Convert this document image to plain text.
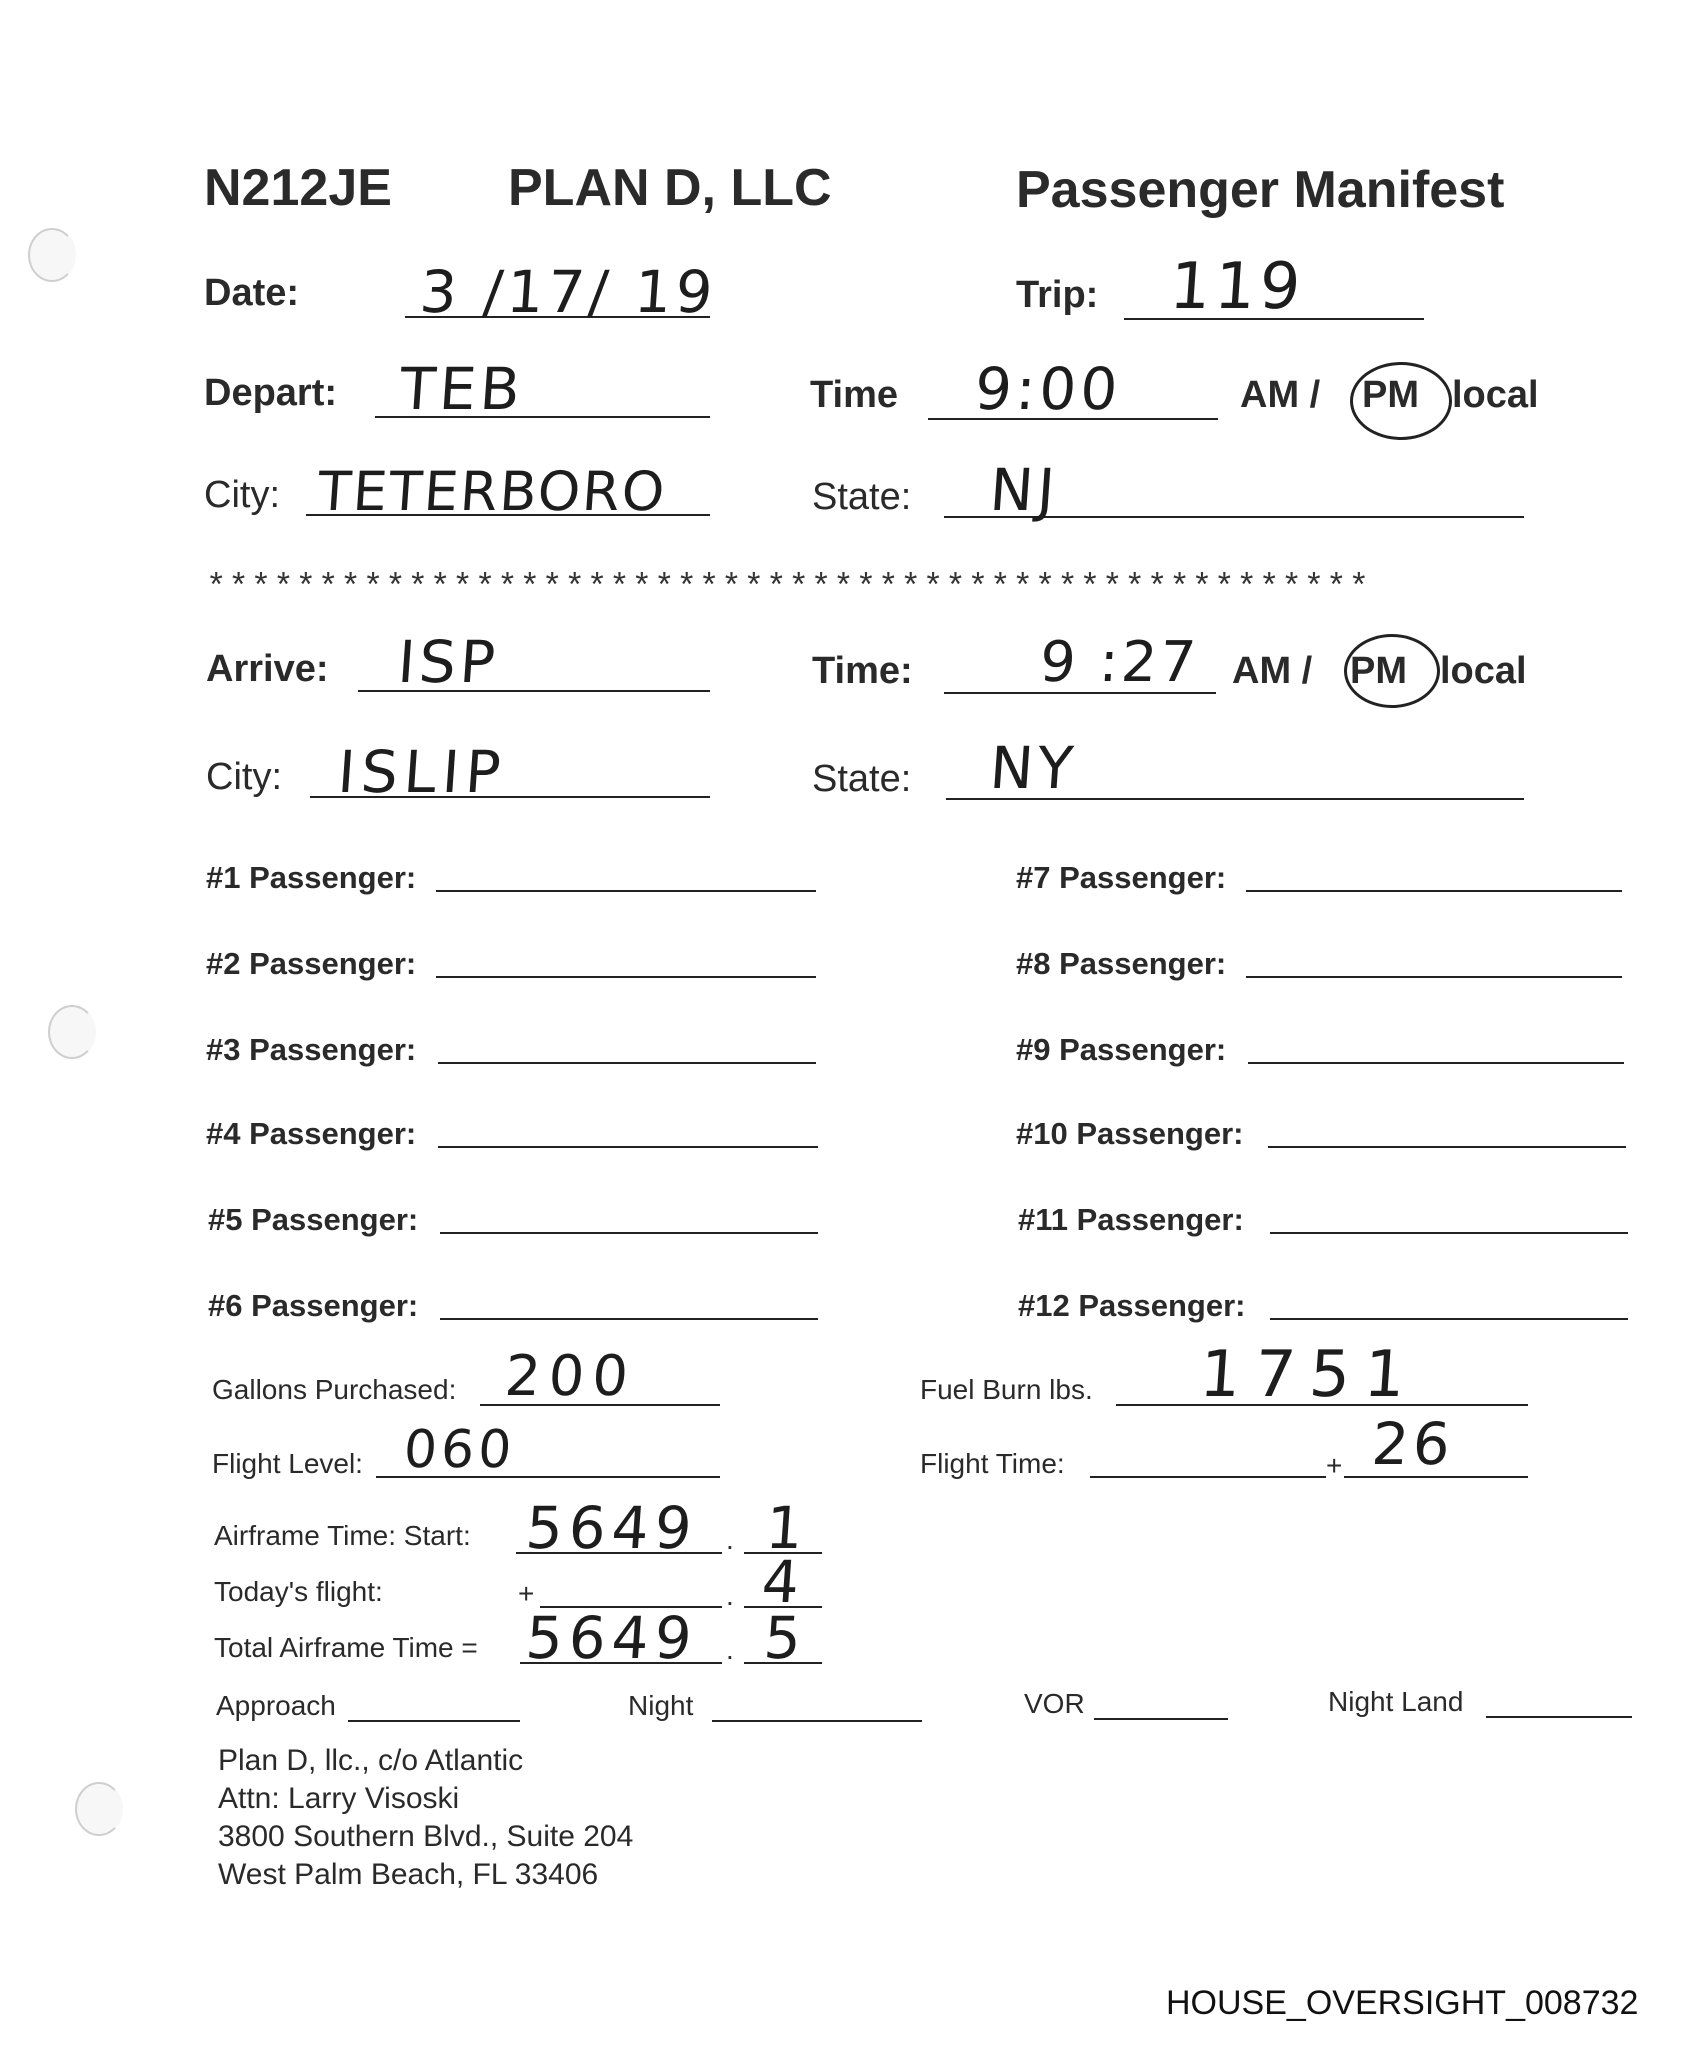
N212JE PLAN D, LLC	Passenger Manifest
Date: 3 /17/ 19	Trip: 119
Depart: TEB	Time 9:00	AM / PM local
City: TETERBORO	State: NJ
****************************************************
Arrive: ISP	Time: 9 :27 AM / PM local
City: ISLIP	State: NY
#1 Passenger:
#2 Passenger:
#3 Passenger:
#4 Passenger:
#5 Passenger:
#6 Passenger:
#7 Passenger:
#8 Passenger:
#9 Passenger:
#10 Passenger:
#11 Passenger:
#12 Passenger:
Gallons Purchased: 200	Fuel Burn lbs. 1751
Flight Level: 060	Flight Time:	+ 26
Airframe Time: Start: 5649 . 1
Today's flight:	+	. 4
Total Airframe Time = 5649 . 5
Approach	Night	VOR	Night Land
Plan D, llc., c/o Atlantic
Attn: Larry Visoski
3800 Southern Blvd., Suite 204
West Palm Beach, FL 33406
HOUSE_OVERSIGHT_008732
